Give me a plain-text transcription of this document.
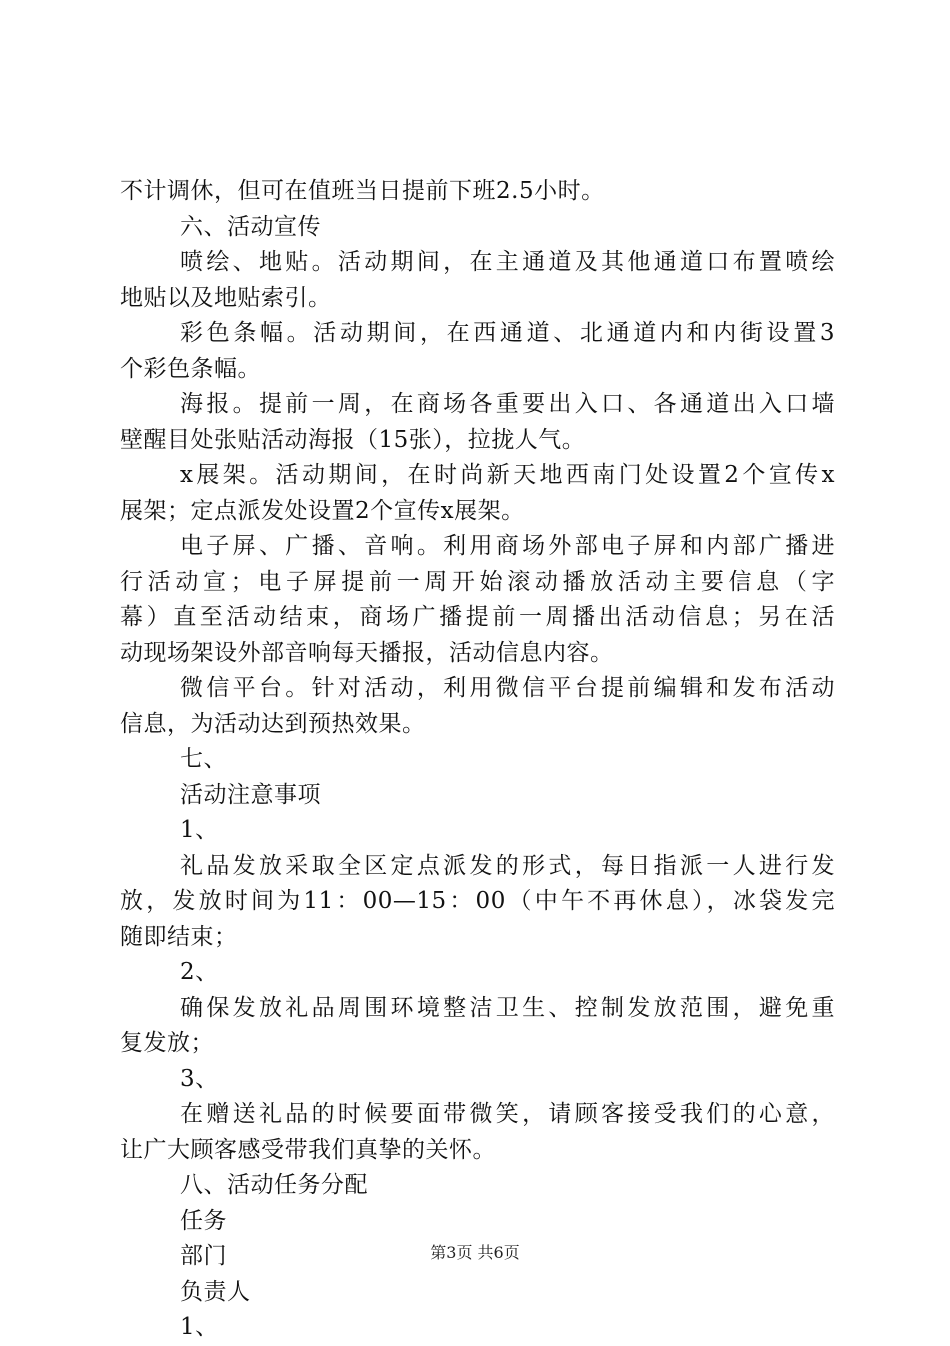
不计调休，但可在值班当日提前下班2.5小时。
六、活动宣传
喷绘、地贴。活动期间，在主通道及其他通道口布置喷绘
地贴以及地贴索引。
彩色条幅。活动期间，在西通道、北通道内和内街设置3
个彩色条幅。
海报。提前一周，在商场各重要出入口、各通道出入口墙
壁醒目处张贴活动海报（15张），拉拢人气。
x展架。活动期间，在时尚新天地西南门处设置2个宣传x
展架；定点派发处设置2个宣传x展架。
电子屏、广播、音响。利用商场外部电子屏和内部广播进
行活动宣；电子屏提前一周开始滚动播放活动主要信息（字
幕）直至活动结束，商场广播提前一周播出活动信息；另在活
动现场架设外部音响每天播报，活动信息内容。
微信平台。针对活动，利用微信平台提前编辑和发布活动
信息，为活动达到预热效果。
七、
活动注意事项
1、
礼品发放采取全区定点派发的形式，每日指派一人进行发
放，发放时间为11：00—15：00（中午不再休息），冰袋发完
随即结束；
2、
确保发放礼品周围环境整洁卫生、控制发放范围，避免重
复发放；
3、
在赠送礼品的时候要面带微笑，请顾客接受我们的心意，
让广大顾客感受带我们真挚的关怀。
八、活动任务分配
任务
部门
负责人
1、
第3页 共6页
